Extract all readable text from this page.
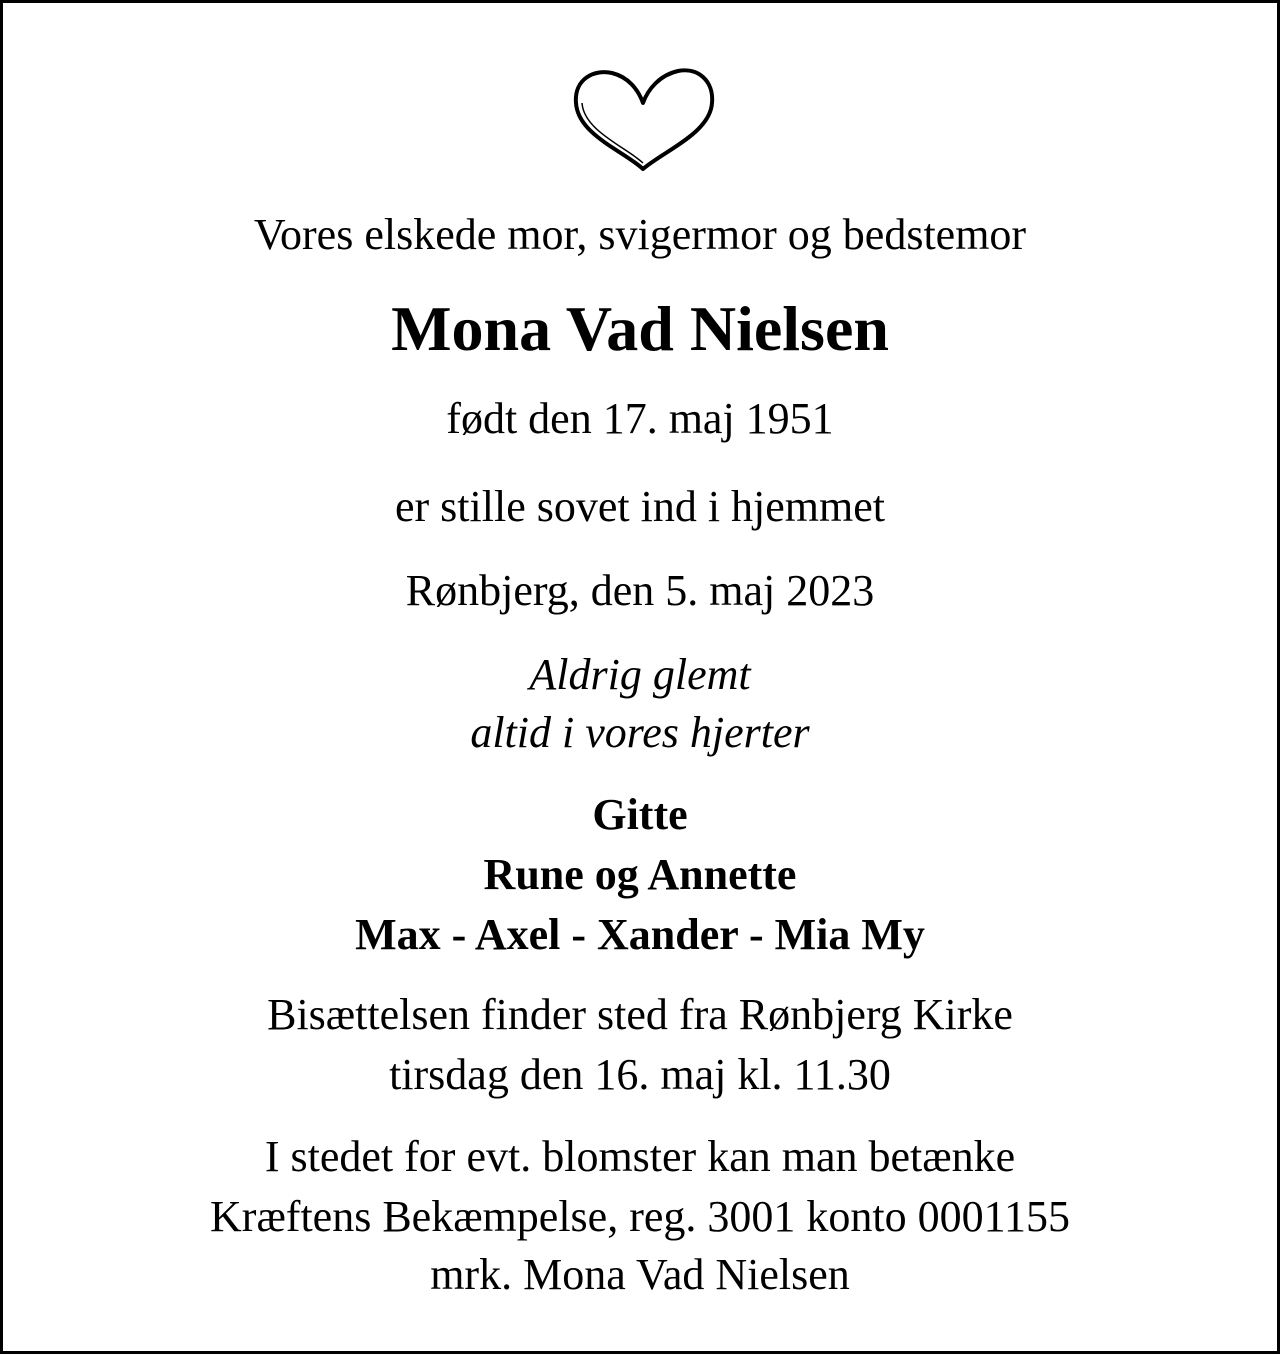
Vores elskede mor, svigermor og bedstemor
Mona Vad Nielsen
født den 17. maj 1951
er stille sovet ind i hjemmet
Rønbjerg, den 5. maj 2023
Aldrig glemt
altid i vores hjerter
Gitte
Rune og Annette
Max - Axel - Xander - Mia My
Bisættelsen finder sted fra Rønbjerg Kirke
tirsdag den 16. maj kl. 11.30
I stedet for evt. blomster kan man betænke
Kræftens Bekæmpelse, reg. 3001 konto 0001155
mrk. Mona Vad Nielsen
